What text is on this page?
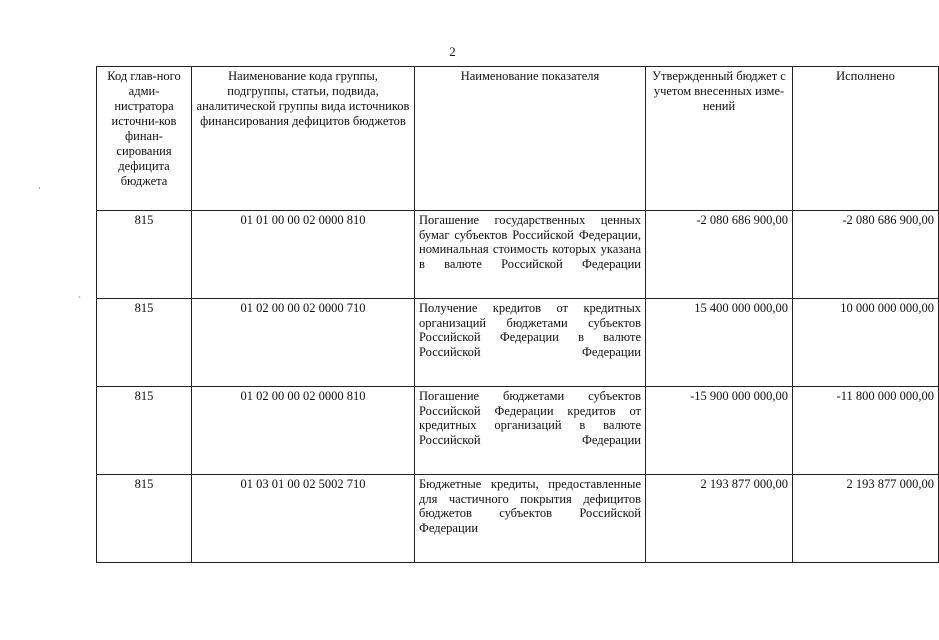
2
·
ˎ
Код глав-ного адми-нистратора источни-ков финан-сирования дефицита бюджета	Наименование кода группы, подгруппы, статьи, подвида, аналитической группы вида источников финансирования дефицитов бюджетов	Наименование показателя	Утвержденный бюджет с учетом внесенных изме-нений	Исполнено
815	01 01 00 00 02 0000 810	Погашение государственных ценных бумаг субъектов Российской Федерации, номинальная стоимость которых указана в валюте Российской Федерации	-2 080 686 900,00	-2 080 686 900,00
815	01 02 00 00 02 0000 710	Получение кредитов от кредитных организаций бюджетами субъектов Российской Федерации в валюте Российской Федерации	15 400 000 000,00	10 000 000 000,00
815	01 02 00 00 02 0000 810	Погашение бюджетами субъектов Российской Федерации кредитов от кредитных организаций в валюте Российской Федерации	-15 900 000 000,00	-11 800 000 000,00
815	01 03 01 00 02 5002 710	Бюджетные кредиты, предоставленные для частичного покрытия дефицитов бюджетов субъектов Российской Федерации	2 193 877 000,00	2 193 877 000,00
